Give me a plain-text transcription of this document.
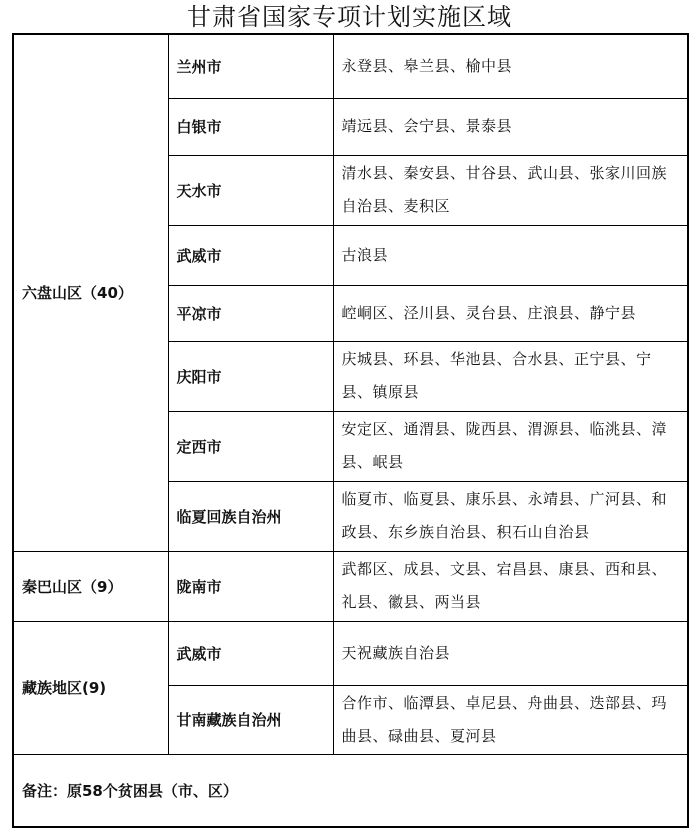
甘肃省国家专项计划实施区域
六盘山区（40）	兰州市	永登县、皋兰县、榆中县
	白银市	靖远县、会宁县、景泰县
	天水市	清水县、秦安县、甘谷县、武山县、张家川回族自治县、麦积区
	武威市	古浪县
	平凉市	崆峒区、泾川县、灵台县、庄浪县、静宁县
	庆阳市	庆城县、环县、华池县、合水县、正宁县、宁县、镇原县
	定西市	安定区、通渭县、陇西县、渭源县、临洮县、漳县、岷县
	临夏回族自治州	临夏市、临夏县、康乐县、永靖县、广河县、和政县、东乡族自治县、积石山自治县
秦巴山区（9）	陇南市	武都区、成县、文县、宕昌县、康县、西和县、礼县、徽县、两当县
藏族地区(9)	武威市	天祝藏族自治县
	甘南藏族自治州	合作市、临潭县、卓尼县、舟曲县、迭部县、玛曲县、碌曲县、夏河县
备注：原58个贫困县（市、区）		
